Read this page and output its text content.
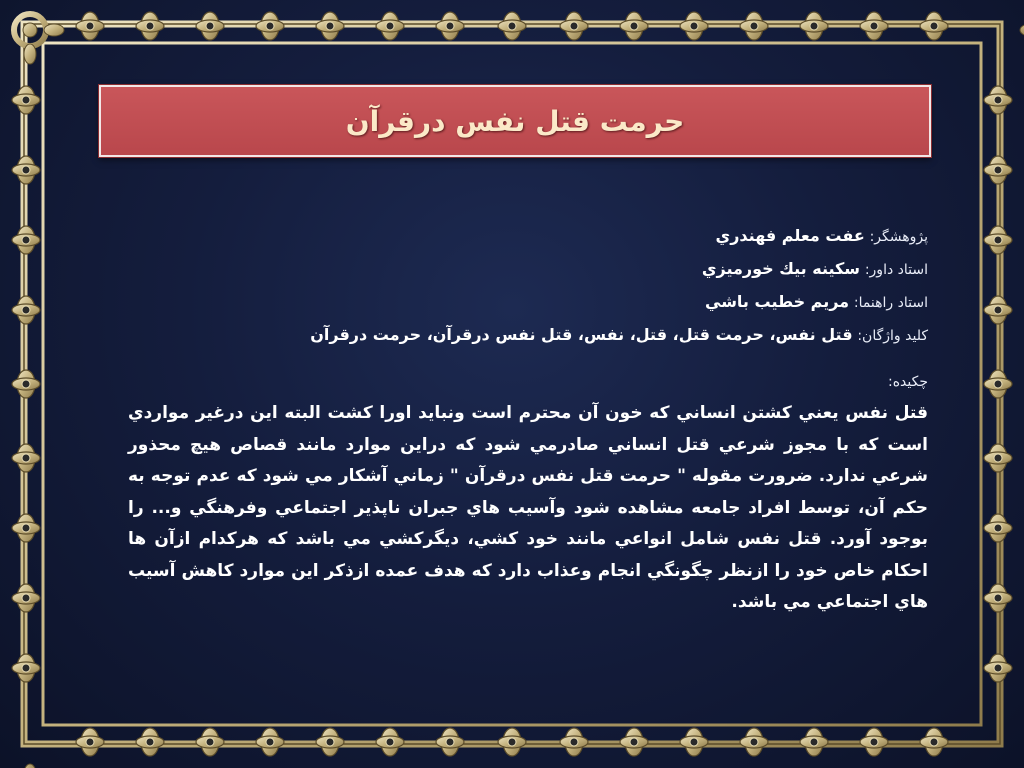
حرمت قتل نفس درقرآن
پژوهشگر: عفت معلم فهندري
استاد داور: سكينه بيك خورميزي
استاد راهنما: مريم خطيب باشي
كليد واژگان: قتل نفس، حرمت قتل، قتل، نفس، قتل نفس درقرآن، حرمت درقرآن
چكيده:
قتل نفس يعني كشتن انساني كه خون آن محترم است ونبايد اورا كشت البته اين درغير مواردي است كه با مجوز شرعي قتل انساني صادرمي شود كه دراين موارد مانند قصاص هيچ محذور شرعي ندارد. ضرورت مقوله " حرمت قتل نفس درقرآن " زماني آشكار مي شود كه عدم توجه به حكم آن، توسط افراد جامعه مشاهده شود وآسيب هاي جبران ناپذير اجتماعي وفرهنگي و... را بوجود آورد. قتل نفس شامل انواعي مانند خود كشي، ديگركشي مي باشد كه هركدام ازآن ها احكام خاص خود را ازنظر چگونگي انجام وعذاب دارد كه هدف عمده ازذكر اين موارد كاهش آسيب هاي اجتماعي مي باشد.
